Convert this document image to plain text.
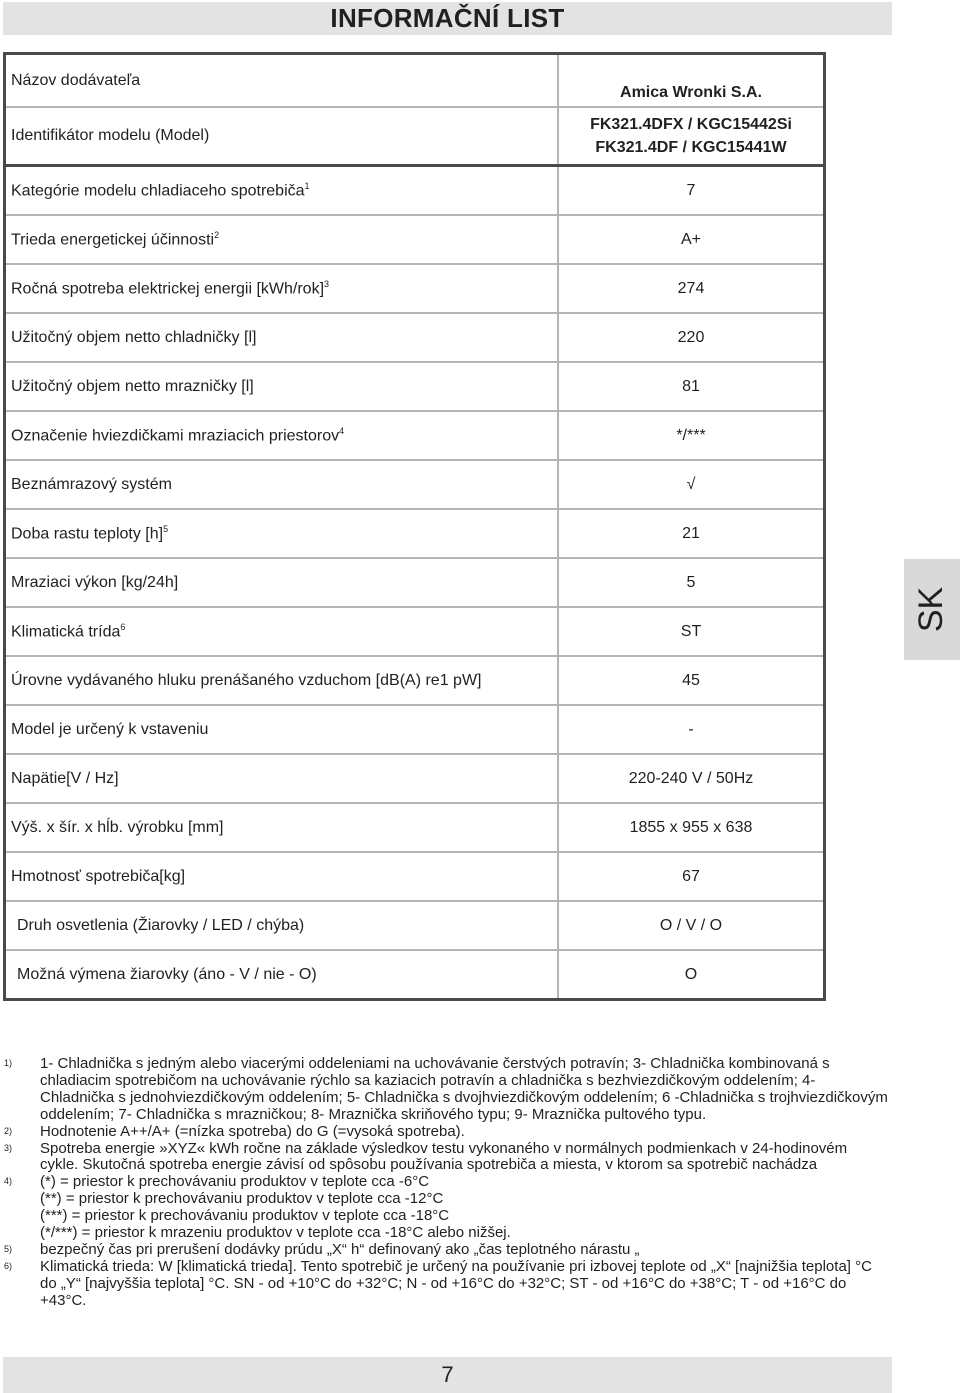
INFORMAČNÍ LIST
Názov dodávateľa	Amica Wronki S.A.
Identifikátor modelu (Model)	FK321.4DFX / KGC15442Si
FK321.4DF / KGC15441W
Kategórie modelu chladiaceho spotrebiča$^1$	7
Trieda energetickej účinnosti$^2$	A+
Ročná spotreba elektrickej energii $[kWh/rok]^3$	274
Užitočný objem netto chladničky [l]	220
Užitočný objem netto mrazničky [l]	81
Označenie hviezdičkami mraziacich priestorov$^4$	*/***
Beznámrazový systém	√
Doba rastu teploty $[h]^5$	21
Mraziaci výkon [kg/24h]	5
Klimatická trída$^6$	ST
Úrovne vydávaného hluku prenášaného vzduchom [dB(A) re1 pW]	45
Model je určený k vstaveniu	-
Napätie[V / Hz]	220-240 V / 50Hz
Výš. x šír. x hĺb. výrobku [mm]	1855 x 955 x 638
Hmotnosť spotrebiča[kg]	67
Druh osvetlenia (Žiarovky / LED / chýba)	O / V / O
Možná výmena žiarovky (áno - V / nie - O)	O
SK
1)	1- Chladnička s jedným alebo viacerými oddeleniami na uchovávanie čerstvých potravín; 3- Chladnička kombinovaná s chladiacim spotrebičom na uchovávanie rýchlo sa kaziacich potravín a chladnička s bezhviezdičkovým oddelením; 4- Chladnička s jednohviezdičkovým oddelením; 5- Chladnička s dvojhviezdičkovým oddelením; 6 -Chladnička s trojhviezdičkovým oddelením; 7- Chladnička s mrazničkou; 8- Mraznička skriňového typu; 9- Mraznička pultového typu.
2)	Hodnotenie A++/A+ (=nízka spotreba) do G (=vysoká spotreba).
3)	Spotreba energie »XYZ« kWh ročne na základe výsledkov testu vykonaného v normálnych podmienkach v 24-hodinovém cykle. Skutočná spotreba energie závisí od spôsobu používania spotrebiča a miesta, v ktorom sa spotrebič nachádza
4)	(*) = priestor k prechovávaniu produktov v teplote cca -6°C
(**) = priestor k prechovávaniu produktov v teplote cca -12°C
(***) = priestor k prechovávaniu produktov v teplote cca -18°C
(*/***) = priestor k mrazeniu produktov v teplote cca -18°C alebo nižšej.
5)	bezpečný čas pri prerušení dodávky prúdu „X“ h“ definovaný ako „čas teplotného nárastu „
6)	Klimatická trieda: W [klimatická trieda]. Tento spotrebič je určený na používanie pri izbovej teplote od „X“ [najnižšia teplota] °C do „Y“ [najvyššia teplota] °C. SN - od +10°C do +32°C; N - od +16°C do +32°C; ST - od +16°C do +38°C; T - od +16°C do +43°C.
7
